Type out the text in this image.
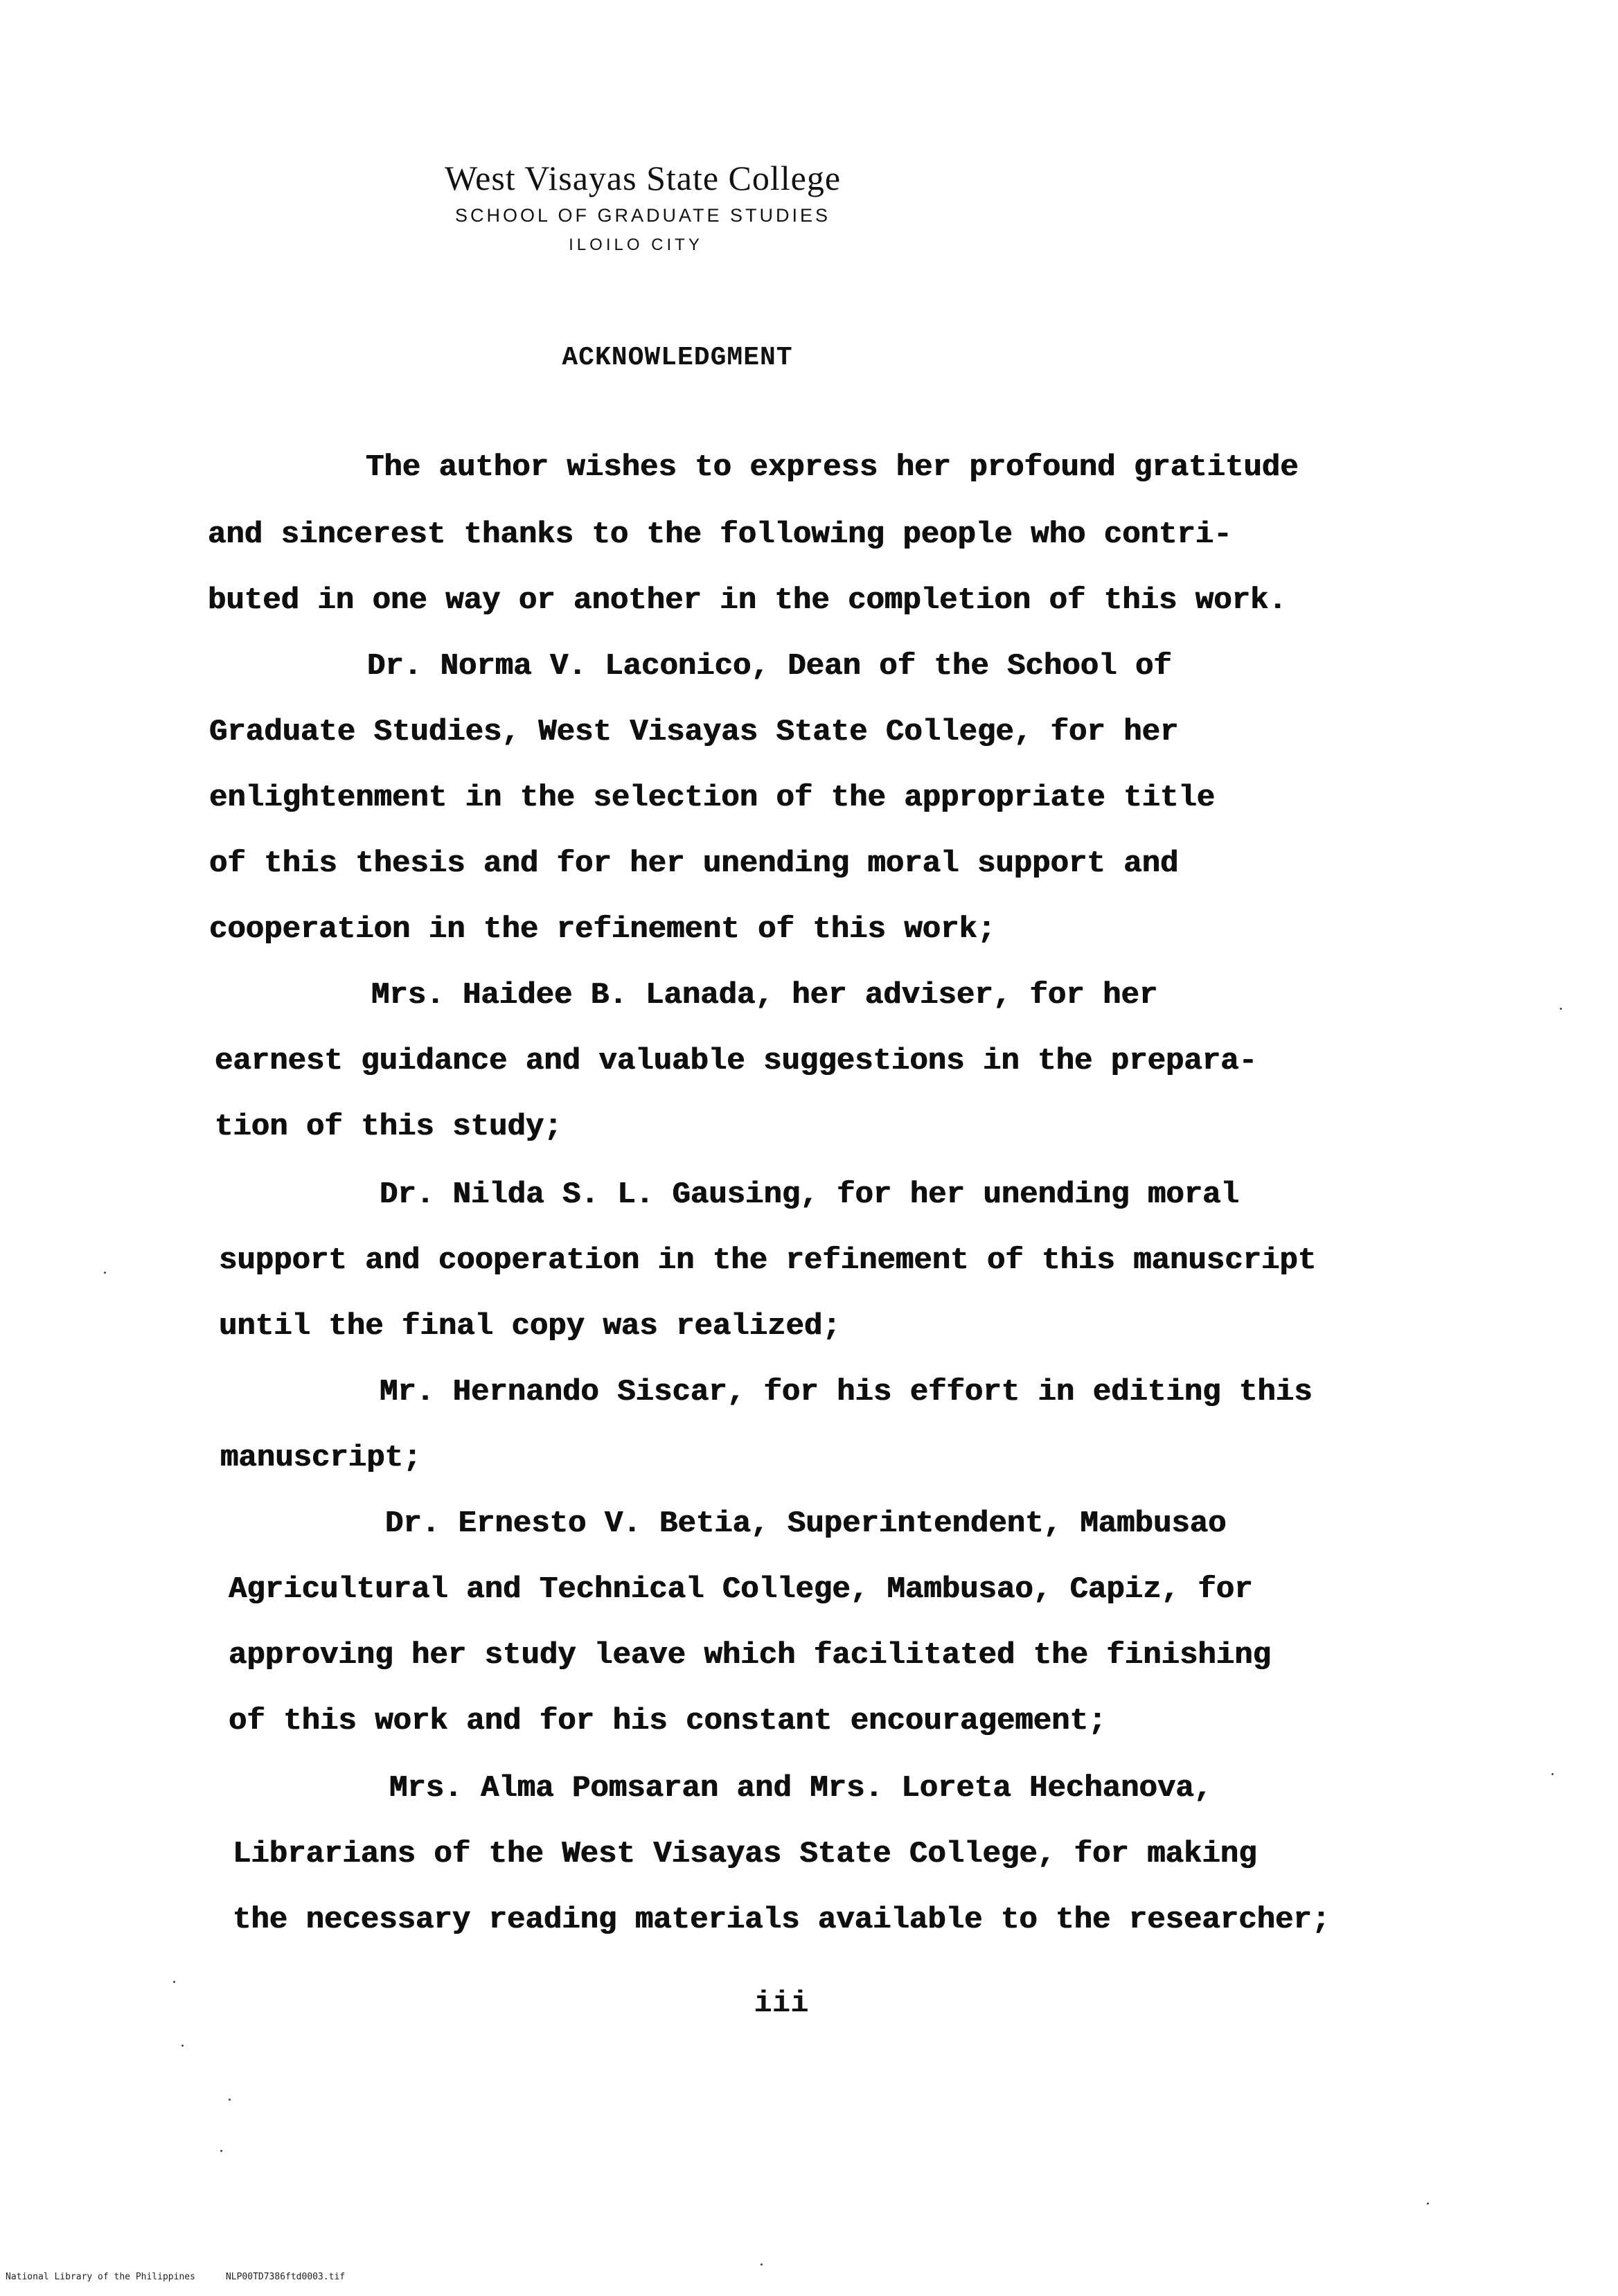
West Visayas State College

SCHOOL OF GRADUATE STUDIES

ILOILO CITY

ACKNOWLEDGMENT

The author wishes to express her profound gratitude

and sincerest thanks to the following people who contri-

buted in one way or another in the completion of this work.

Dr. Norma V. Laconico, Dean of the School of

Graduate Studies, West Visayas State College, for her

enlightenment in the selection of the appropriate title

of this thesis and for her unending moral support and

cooperation in the refinement of this work;

Mrs. Haidee B. Lanada, her adviser, for her

earnest guidance and valuable suggestions in the prepara-

tion of this study;

Dr. Nilda S. L. Gausing, for her unending moral

support and cooperation in the refinement of this manuscript

until the final copy was realized;

Mr. Hernando Siscar, for his effort in editing this

manuscript;

Dr. Ernesto V. Betia, Superintendent, Mambusao

Agricultural and Technical College, Mambusao, Capiz, for

approving her study leave which facilitated the finishing

of this work and for his constant encouragement;

Mrs. Alma Pomsaran and Mrs. Loreta Hechanova,

Librarians of the West Visayas State College, for making

the necessary reading materials available to the researcher;

iii

National Library of the Philippines	NLP00TD7386ftd0003.tif
